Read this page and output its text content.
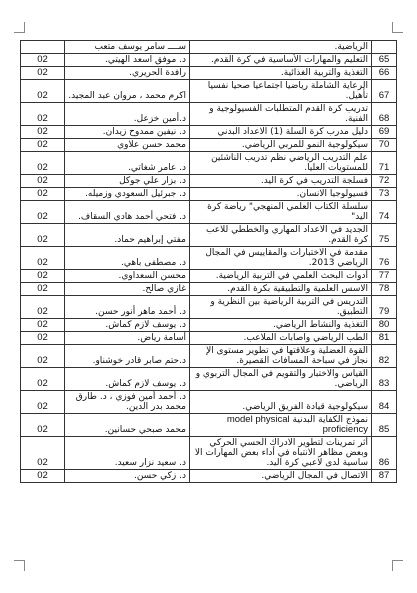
	الرياضية.	ســــ سامر يوسف متعب	
65	التعليم والمهارات الأساسية في كرة القدم.	د. موفق اسعد الهيتي.	02
66	التغذية والتربية الغذائية.	رافدة الحريري.	02
67	الرعاية الشاملة رياضيا اجتماعيا صحيا نفسيا تأهيل.	اكرم محمد ، مروان عبد المجيد.	02
68	تدريب كرة القدم المتطلبات الفسيولوجية و الفنية.	د.أمين خزعل.	02
69	دليل مدرب كرة السلة (1) الاعداد البدني	د. نيفين ممدوح زيدان.	02
70	سيكولوجية النمو للمربي الرياضي.	محمد حسن علاوي	02
71	علم التدريب الرياضي نظم تدريب الناشئين للمستويات العليا.	د. عامر شغاتي.	02
72	فسلجة التدريب في كرة اليد.	د. بزار علي جوكل	02
73	فسيولوجيا الانسان.	د. جبرئيل السعودي وزميله.	02
74	سلسلة الكتاب العلمي المنهجي" رياضة كرة اليد"	د. فتحي أحمد هادي السقاف.	02
75	الجديد في الاعداد المهاري والخططي للاعب كرة القدم.	مفتي إبراهيم حماد.	02
76	مقدمة في الاختبارات والمقاييس في المجال الرياضي 2013.	د. مصطفى باهي.	02
77	أدوات البحث العلمي في التربية الرياضية.	محسن السعداوي.	02
78	الاسس العلمية والتطبيقية بكرة القدم.	غازي صالح.	02
79	التدريس في التربية الرياضية بين النظرية و التطبيق.	د. أحمد ماهر أنور حسن.	02
80	التغذية والنشاط الرياضي.	د. يوسف لازم كماش.	02
81	الطب الرياضي واصابات الملاعب.	أسامة رياض.	02
82	القوة العضلية وعلاقتها في تطوير مستوى الإ نجاز في سباحة المسافات القصيرة.	د.حتم صابر قادر خوشناو.	02
83	القياس والاختبار والتقويم في المجال التربوي و الرياضي.	د. يوسف لازم كماش.	02
84	سيكولوجية قيادة الفريق الرياضي.	د. أحمد أمين فوزي ، د. طارق محمد بدر الدين.	02
85	نموذج الكفاية البدنية model physical proficiency	محمد صبحي حسانين.	02
86	أثر تمرينات لتطوير الادراك الحسي الحركي وبعض مظاهر الانتباه في أداء بعض المهارات الا ساسية لدى لاعبي كرة اليد.	د. سعيد نزار سعيد.	02
87	الاتصال في المجال الرياضي.	د. زكي حسن.	02
